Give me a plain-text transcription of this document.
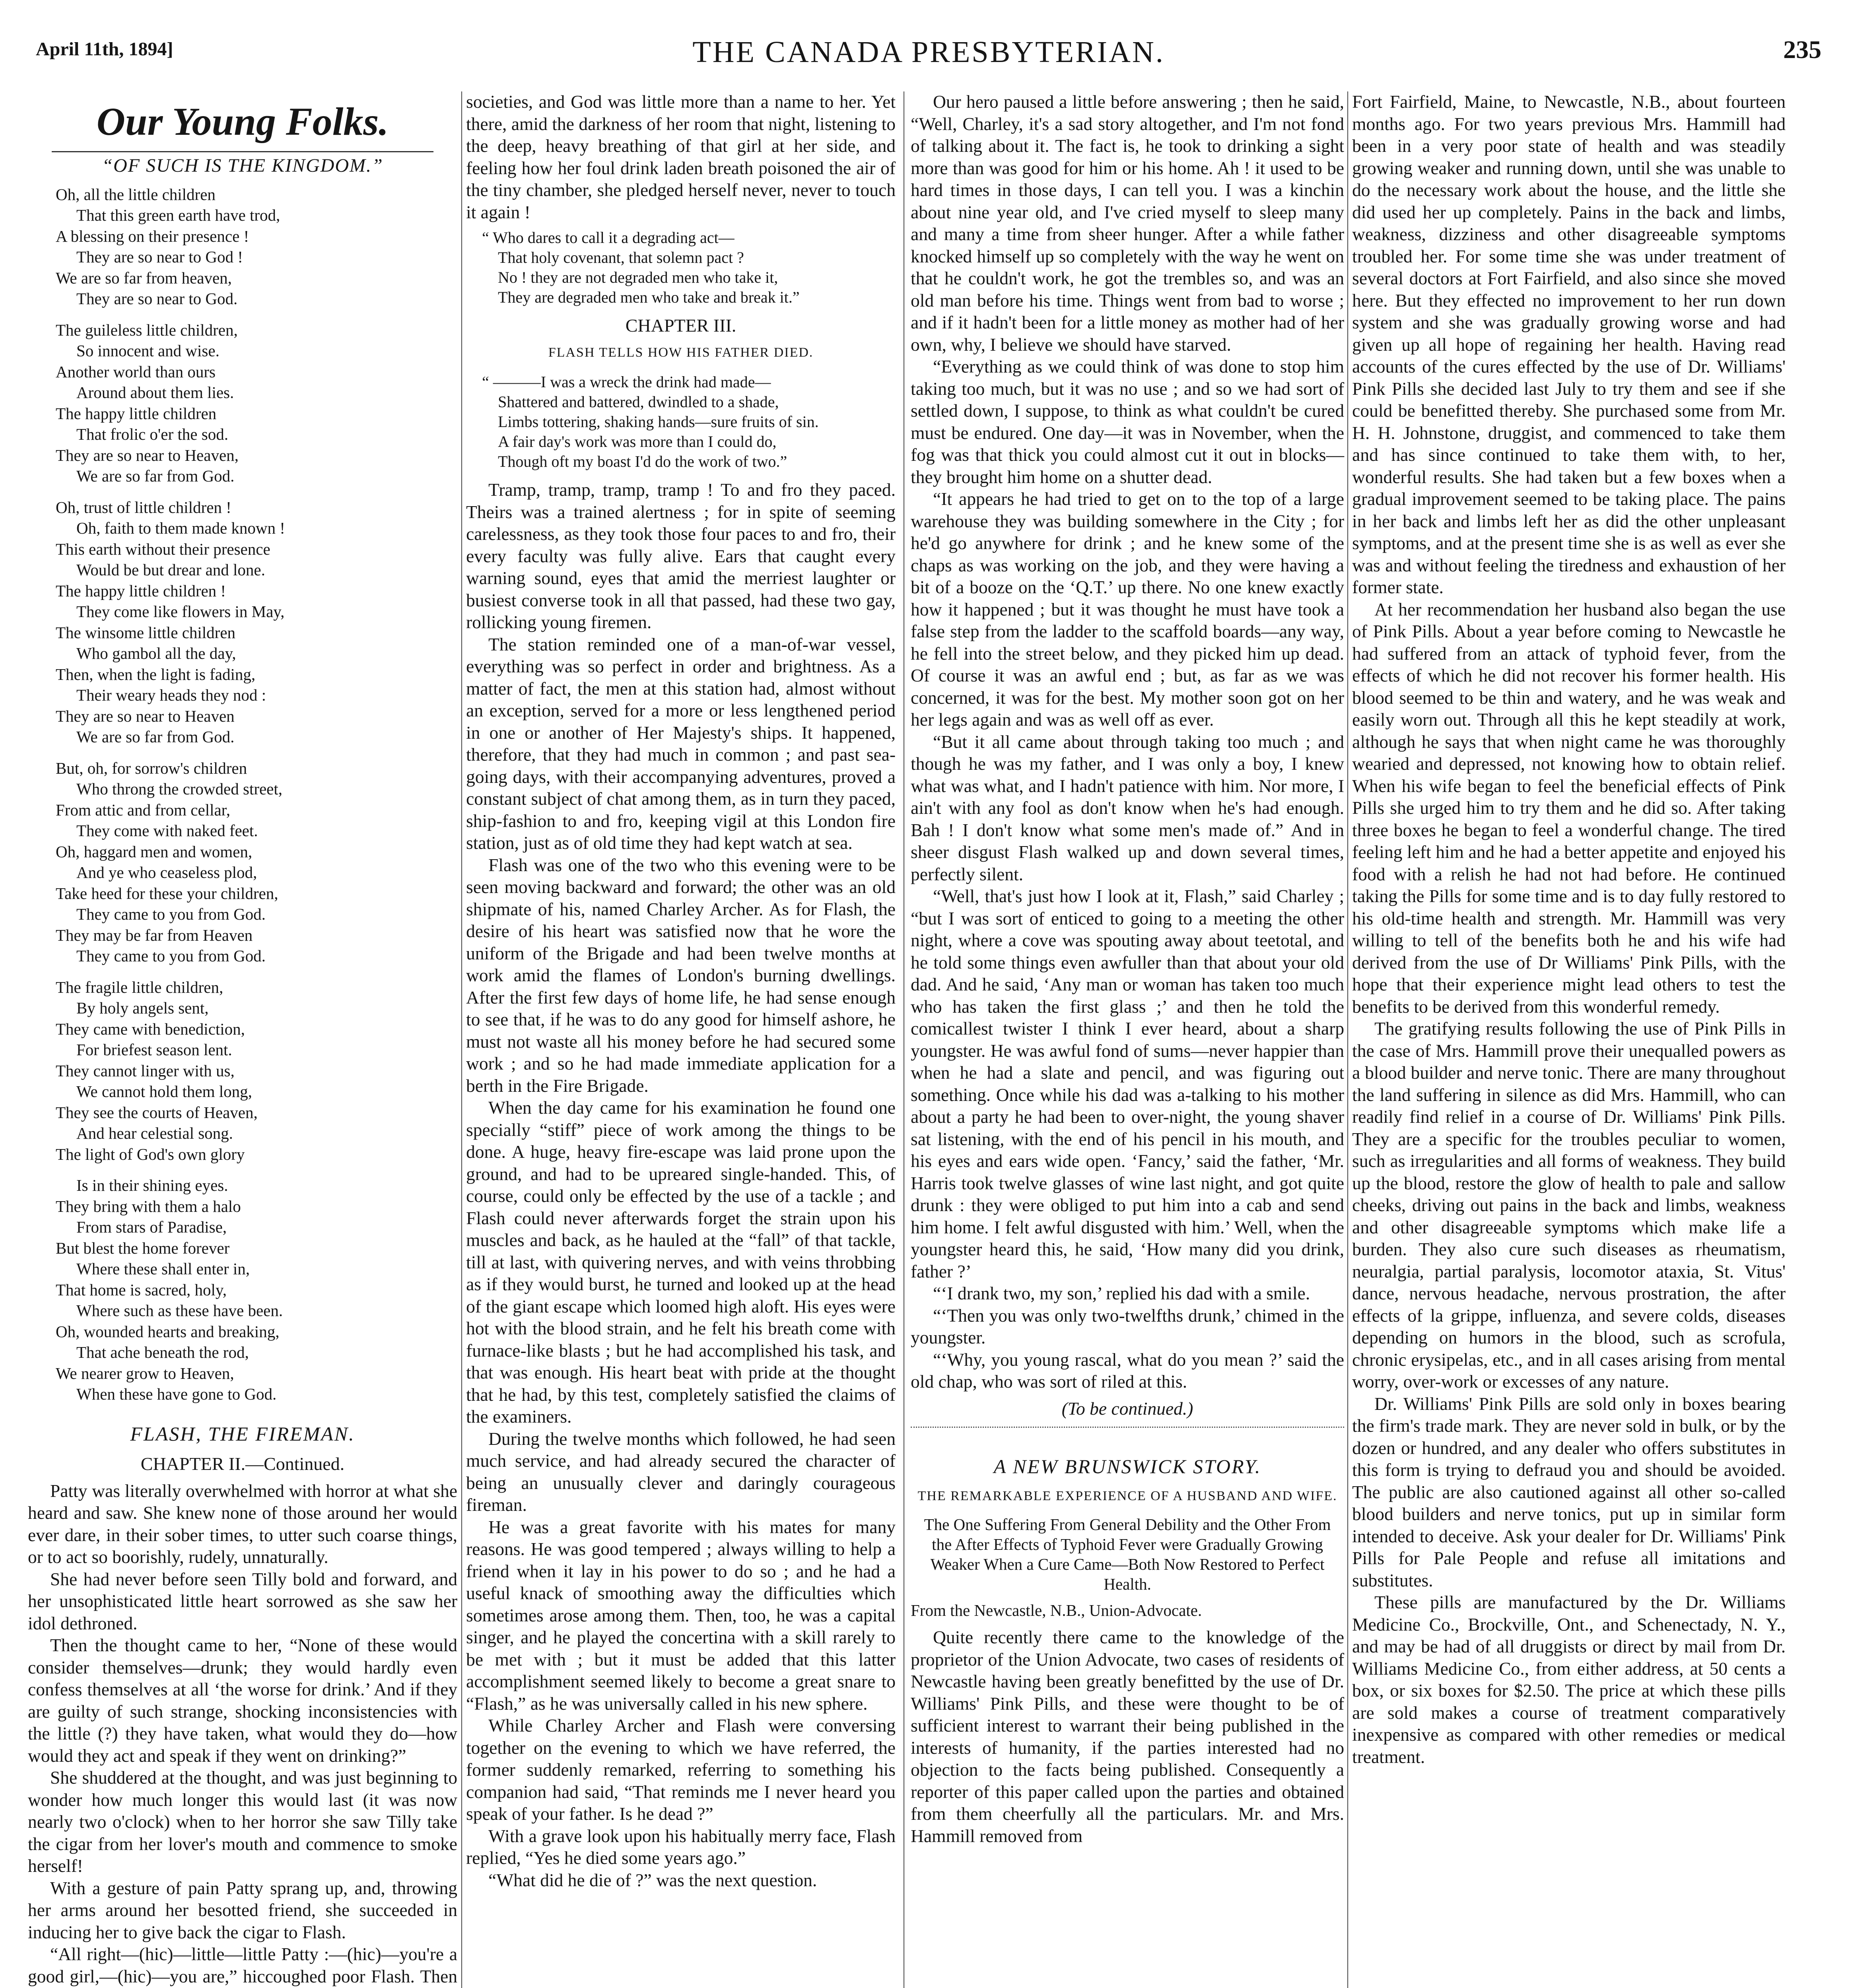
April 11th, 1894]	THE CANADA PRESBYTERIAN.	235
Our Young Folks.
“OF SUCH IS THE KINGDOM.”
Oh, all the little children
That this green earth have trod,
A blessing on their presence !
They are so near to God !
We are so far from heaven,
They are so near to God.
The guileless little children,
So innocent and wise.
Another world than ours
Around about them lies.
The happy little children
That frolic o'er the sod.
They are so near to Heaven,
We are so far from God.
Oh, trust of little children !
Oh, faith to them made known !
This earth without their presence
Would be but drear and lone.
The happy little children !
They come like flowers in May,
The winsome little children
Who gambol all the day,
Then, when the light is fading,
Their weary heads they nod :
They are so near to Heaven
We are so far from God.
But, oh, for sorrow's children
Who throng the crowded street,
From attic and from cellar,
They come with naked feet.
Oh, haggard men and women,
And ye who ceaseless plod,
Take heed for these your children,
They came to you from God.
They may be far from Heaven
They came to you from God.
The fragile little children,
By holy angels sent,
They came with benediction,
For briefest season lent.
They cannot linger with us,
We cannot hold them long,
They see the courts of Heaven,
And hear celestial song.
The light of God's own glory
Is in their shining eyes.
They bring with them a halo
From stars of Paradise,
But blest the home forever
Where these shall enter in,
That home is sacred, holy,
Where such as these have been.
Oh, wounded hearts and breaking,
That ache beneath the rod,
We nearer grow to Heaven,
When these have gone to God.
FLASH, THE FIREMAN.
CHAPTER II.—Continued.

Patty was literally overwhelmed with horror at what she heard and saw. She knew none of those around her would ever dare, in their sober times, to utter such coarse things, or to act so boorishly, rudely, unnaturally.

She had never before seen Tilly bold and forward, and her unsophisticated little heart sorrowed as she saw her idol dethroned.

Then the thought came to her, “None of these would consider themselves—drunk; they would hardly even confess themselves at all ‘the worse for drink.’ And if they are guilty of such strange, shocking inconsistencies with the little (?) they have taken, what would they do—how would they act and speak if they went on drinking?”

She shuddered at the thought, and was just beginning to wonder how much longer this would last (it was now nearly two o'clock) when to her horror she saw Tilly take the cigar from her lover's mouth and commence to smoke herself!

With a gesture of pain Patty sprang up, and, throwing her arms around her besotted friend, she succeeded in inducing her to give back the cigar to Flash.

“All right—(hic)—little—little Patty :—(hic)—you're a good girl,—(hic)—you are,” hiccoughed poor Flash. Then

societies, and God was little more than a name to her. Yet there, amid the darkness of her room that night, listening to the deep, heavy breathing of that girl at her side, and feeling how her foul drink laden breath poisoned the air of the tiny chamber, she pledged herself never, never to touch it again !

“ Who dares to call it a degrading act—
That holy covenant, that solemn pact ?
No ! they are not degraded men who take it,
They are degraded men who take and break it.”
CHAPTER III.
FLASH TELLS HOW HIS FATHER DIED.
“ ———I was a wreck the drink had made—
Shattered and battered, dwindled to a shade,
Limbs tottering, shaking hands—sure fruits of sin.
A fair day's work was more than I could do,
Though oft my boast I'd do the work of two.”

Tramp, tramp, tramp, tramp ! To and fro they paced. Theirs was a trained alertness ; for in spite of seeming carelessness, as they took those four paces to and fro, their every faculty was fully alive. Ears that caught every warning sound, eyes that amid the merriest laughter or busiest converse took in all that passed, had these two gay, rollicking young firemen.

The station reminded one of a man-of-war vessel, everything was so perfect in order and brightness. As a matter of fact, the men at this station had, almost without an exception, served for a more or less lengthened period in one or another of Her Majesty's ships. It happened, therefore, that they had much in common ; and past sea-going days, with their accompanying adventures, proved a constant subject of chat among them, as in turn they paced, ship-fashion to and fro, keeping vigil at this London fire station, just as of old time they had kept watch at sea.

Flash was one of the two who this evening were to be seen moving backward and forward; the other was an old shipmate of his, named Charley Archer. As for Flash, the desire of his heart was satisfied now that he wore the uniform of the Brigade and had been twelve months at work amid the flames of London's burning dwellings. After the first few days of home life, he had sense enough to see that, if he was to do any good for himself ashore, he must not waste all his money before he had secured some work ; and so he had made immediate application for a berth in the Fire Brigade.

When the day came for his examination he found one specially “stiff” piece of work among the things to be done. A huge, heavy fire-escape was laid prone upon the ground, and had to be upreared single-handed. This, of course, could only be effected by the use of a tackle ; and Flash could never afterwards forget the strain upon his muscles and back, as he hauled at the “fall” of that tackle, till at last, with quivering nerves, and with veins throbbing as if they would burst, he turned and looked up at the head of the giant escape which loomed high aloft. His eyes were hot with the blood strain, and he felt his breath come with furnace-like blasts ; but he had accomplished his task, and that was enough. His heart beat with pride at the thought that he had, by this test, completely satisfied the claims of the examiners.

During the twelve months which followed, he had seen much service, and had already secured the character of being an unusually clever and daringly courageous fireman.

He was a great favorite with his mates for many reasons. He was good tempered ; always willing to help a friend when it lay in his power to do so ; and he had a useful knack of smoothing away the difficulties which sometimes arose among them. Then, too, he was a capital singer, and he played the concertina with a skill rarely to be met with ; but it must be added that this latter accomplishment seemed likely to become a great snare to “Flash,” as he was universally called in his new sphere.

While Charley Archer and Flash were conversing together on the evening to which we have referred, the former suddenly remarked, referring to something his companion had said, “That reminds me I never heard you speak of your father. Is he dead ?”

With a grave look upon his habitually merry face, Flash replied, “Yes he died some years ago.”

“What did he die of ?” was the next question.

Our hero paused a little before answering ; then he said, “Well, Charley, it's a sad story altogether, and I'm not fond of talking about it. The fact is, he took to drinking a sight more than was good for him or his home. Ah ! it used to be hard times in those days, I can tell you. I was a kinchin about nine year old, and I've cried myself to sleep many and many a time from sheer hunger. After a while father knocked himself up so completely with the way he went on that he couldn't work, he got the trembles so, and was an old man before his time. Things went from bad to worse ; and if it hadn't been for a little money as mother had of her own, why, I believe we should have starved.

“Everything as we could think of was done to stop him taking too much, but it was no use ; and so we had sort of settled down, I suppose, to think as what couldn't be cured must be endured. One day—it was in November, when the fog was that thick you could almost cut it out in blocks—they brought him home on a shutter dead.

“It appears he had tried to get on to the top of a large warehouse they was building somewhere in the City ; for he'd go anywhere for drink ; and he knew some of the chaps as was working on the job, and they were having a bit of a booze on the ‘Q.T.’ up there. No one knew exactly how it happened ; but it was thought he must have took a false step from the ladder to the scaffold boards—any way, he fell into the street below, and they picked him up dead. Of course it was an awful end ; but, as far as we was concerned, it was for the best. My mother soon got on her her legs again and was as well off as ever.

“But it all came about through taking too much ; and though he was my father, and I was only a boy, I knew what was what, and I hadn't patience with him. Nor more, I ain't with any fool as don't know when he's had enough. Bah ! I don't know what some men's made of.” And in sheer disgust Flash walked up and down several times, perfectly silent.

“Well, that's just how I look at it, Flash,” said Charley ; “but I was sort of enticed to going to a meeting the other night, where a cove was spouting away about teetotal, and he told some things even awfuller than that about your old dad. And he said, ‘Any man or woman has taken too much who has taken the first glass ;’ and then he told the comicallest twister I think I ever heard, about a sharp youngster. He was awful fond of sums—never happier than when he had a slate and pencil, and was figuring out something. Once while his dad was a-talking to his mother about a party he had been to over-night, the young shaver sat listening, with the end of his pencil in his mouth, and his eyes and ears wide open. ‘Fancy,’ said the father, ‘Mr. Harris took twelve glasses of wine last night, and got quite drunk : they were obliged to put him into a cab and send him home. I felt awful disgusted with him.’ Well, when the youngster heard this, he said, ‘How many did you drink, father ?’

“‘I drank two, my son,’ replied his dad with a smile.

“‘Then you was only two-twelfths drunk,’ chimed in the youngster.

“‘Why, you young rascal, what do you mean ?’ said the old chap, who was sort of riled at this.

(To be continued.)
A NEW BRUNSWICK STORY.
THE REMARKABLE EXPERIENCE OF A HUSBAND AND WIFE.
The One Suffering From General Debility and the Other From the After Effects of Typhoid Fever were Gradually Growing Weaker When a Cure Came—Both Now Restored to Perfect Health.
From the Newcastle, N.B., Union-Advocate.

Quite recently there came to the knowledge of the proprietor of the Union Advocate, two cases of residents of Newcastle having been greatly benefitted by the use of Dr. Williams' Pink Pills, and these were thought to be of sufficient interest to warrant their being published in the interests of humanity, if the parties interested had no objection to the facts being published. Consequently a reporter of this paper called upon the parties and obtained from them cheerfully all the particulars. Mr. and Mrs. Hammill removed from

Fort Fairfield, Maine, to Newcastle, N.B., about fourteen months ago. For two years previous Mrs. Hammill had been in a very poor state of health and was steadily growing weaker and running down, until she was unable to do the necessary work about the house, and the little she did used her up completely. Pains in the back and limbs, weakness, dizziness and other disagreeable symptoms troubled her. For some time she was under treatment of several doctors at Fort Fairfield, and also since she moved here. But they effected no improvement to her run down system and she was gradually growing worse and had given up all hope of regaining her health. Having read accounts of the cures effected by the use of Dr. Williams' Pink Pills she decided last July to try them and see if she could be benefitted thereby. She purchased some from Mr. H. H. Johnstone, druggist, and commenced to take them and has since continued to take them with, to her, wonderful results. She had taken but a few boxes when a gradual improvement seemed to be taking place. The pains in her back and limbs left her as did the other unpleasant symptoms, and at the present time she is as well as ever she was and without feeling the tiredness and exhaustion of her former state.

At her recommendation her husband also began the use of Pink Pills. About a year before coming to Newcastle he had suffered from an attack of typhoid fever, from the effects of which he did not recover his former health. His blood seemed to be thin and watery, and he was weak and easily worn out. Through all this he kept steadily at work, although he says that when night came he was thoroughly wearied and depressed, not knowing how to obtain relief. When his wife began to feel the beneficial effects of Pink Pills she urged him to try them and he did so. After taking three boxes he began to feel a wonderful change. The tired feeling left him and he had a better appetite and enjoyed his food with a relish he had not had before. He continued taking the Pills for some time and is to day fully restored to his old-time health and strength. Mr. Hammill was very willing to tell of the benefits both he and his wife had derived from the use of Dr Williams' Pink Pills, with the hope that their experience might lead others to test the benefits to be derived from this wonderful remedy.

The gratifying results following the use of Pink Pills in the case of Mrs. Hammill prove their unequalled powers as a blood builder and nerve tonic. There are many throughout the land suffering in silence as did Mrs. Hammill, who can readily find relief in a course of Dr. Williams' Pink Pills. They are a specific for the troubles peculiar to women, such as irregularities and all forms of weakness. They build up the blood, restore the glow of health to pale and sallow cheeks, driving out pains in the back and limbs, weakness and other disagreeable symptoms which make life a burden. They also cure such diseases as rheumatism, neuralgia, partial paralysis, locomotor ataxia, St. Vitus' dance, nervous headache, nervous prostration, the after effects of la grippe, influenza, and severe colds, diseases depending on humors in the blood, such as scrofula, chronic erysipelas, etc., and in all cases arising from mental worry, over-work or excesses of any nature.

Dr. Williams' Pink Pills are sold only in boxes bearing the firm's trade mark. They are never sold in bulk, or by the dozen or hundred, and any dealer who offers substitutes in this form is trying to defraud you and should be avoided. The public are also cautioned against all other so-called blood builders and nerve tonics, put up in similar form intended to deceive. Ask your dealer for Dr. Williams' Pink Pills for Pale People and refuse all imitations and substitutes.

These pills are manufactured by the Dr. Williams Medicine Co., Brockville, Ont., and Schenectady, N. Y., and may be had of all druggists or direct by mail from Dr. Williams Medicine Co., from either address, at 50 cents a box, or six boxes for $2.50. The price at which these pills are sold makes a course of treatment comparatively inexpensive as compared with other remedies or medical treatment.
